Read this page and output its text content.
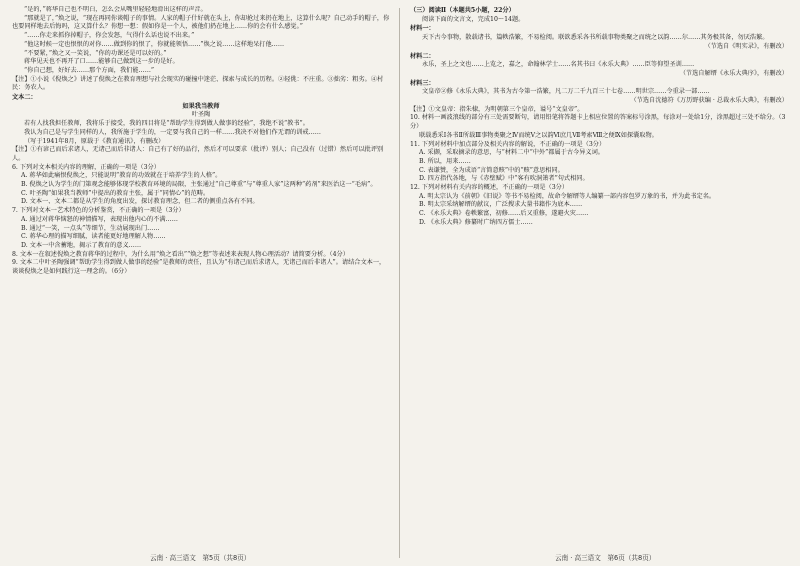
“是的，”蒋华自己也不明白，怎么会从嘴里轻轻地滑出这样的声音。

“那就是了，”焕之说，“现在再同你谈帽子的事情。人家的帽子什好就在头上，你却抢过来扔在地上，这算什么呢？自己动手的帽子，你也要同样地去后悔吗，这又算什么？你想一想：假如你是一个人，被他们扔在地上……你的会有什么感觉。”

“……你走来抓你掉帽子，你会发怒，气得什么话也说不出来。”

“他这时候一定也恨恨的对你……做到你的恨了，你就能领悟……”焕之说……这样地呆打他……

“不要紧，”焕之又一笑说，“你的功课还是可以好的。”

蒋华见天也不再开了口……能够自己做到这一步的是好。

“你自己想，好好去……那个方面，我们能……”

【注】①小说《倪焕之》讲述了倪焕之在教育理想与社会现实的碰撞中迷茫、探索与成长的历程。②轻佻：不庄重。③拙劣：粗劣。④村民：务农人。

文本二：

如果我当教师

叶圣陶

若有人找我担任教师，我将乐于接受，我的四目将是“帮助学生得到做人做事的经验”，我绝不说“教书”。

我认为自己是与学生同样的人，我所施于学生的，一定要与我自己的一样……我决不对他们作无谓的训戒……

（写于1941年8月，原载于《教育通讯》，有删改）

【注】①有谚己而后求诸人，无诸己而后非诸人：自己有了好的品行，然后才可以要求（批评）别人；自己没有（过错）然后可以批评别人。

6. 下列对文本相关内容的理解，正确的一项是（3分）

A. 蒋华如此痛恨倪焕之，只能说明“教育的功效就在于培养学生的人格”。

B. 倪焕之认为学生的门第观念能够体现学校教育环境的局限，主张通过“自己尊重”与“尊重人家”这两种“药剂”来医治这一“毛病”。

C. 叶圣陶“如果我当教师”中提出的教育主张，属于“同情心”的范畴。

D. 文本一、文本二都是从学生的角度出发，探讨教育理念，但二者的侧重点各有不同。

7. 下列对文本一艺术特色的分析鉴赏，不正确的一项是（3分）

A. 通过对蒋华恼怒的神情描写，表现出他内心的不满……

B. 通过“一笑，一点头”等细节，生动展现出门……

C. 蒋华心理的描写细腻，读者能更好地理解人物……

D. 文本一中含蓄地，揭示了教育的意义……

8. 文本一在叙述倪焕之教育蒋华的过程中，为什么用“焕之看出”“焕之想”等表述来表现人物心理活动？请简要分析。（4分）

9. 文本二中叶圣陶强调“帮助学生得到做人做事的经验”是教师的责任，且认为“有诸己而后求诸人，无诸己而后非诸人”。请结合文本一，谈谈倪焕之是如何践行这一理念的。（6分）

（三）阅读Ⅱ（本题共5小题，22分）

阅读下面的文言文，完成10～14题。

材料一：

天下古今事物，散载诸书，篇帙浩繁，不易检阅。联欲悉采各书所载事物类聚之而统之以韵……尔……其务极其备，勿厌浩繁。

（节选自《明实录》，有删改）

材料二：

永乐，圣上之文也……上览之，嘉之，命翰林学士……名其书曰《永乐大典》……臣等仰望圣训……

（节选自解缙《永乐大典序》，有删改）

材料三：

文皇帝②修《永乐大典》，其书为古今第一浩繁，凡二万二千九百三十七卷……明世宗……令重录一部……

（节选自沈德符《万历野获编 · 总裁永乐大典》，有删改）

【注】①文皇帝：指朱棣，为明朝第三个皇帝，谥号“文皇帝”。

10. 材料一画波浪线的部分有三处需要断句，请用铅笔将答题卡上相应位置的答案标号涂黑，每涂对一处给1分，涂黑超过三处不给分。（3分）

联载悉采Ⅰ各书Ⅱ所载Ⅲ事物类聚之Ⅳ而统Ⅴ之以韵Ⅵ庶几Ⅶ考索Ⅷ之便Ⅸ如探囊取物。

11. 下列对材料中加点部分及相关内容的解说，不正确的一项是（3分）

A. 采撷，采取摘录的意思，与“材料二中“中外”都属于古今异义词。

B. 所以，用来……

C. 表谦赞，全为成语“言简意赅”中的“赅”意思相同。

D. 四方指代各地，与《赤壁赋》中“客有吹洞箫者”句式相同。

12. 下列对材料有关内容的概述，不正确的一项是（3分）

A. 明太宗认为《前朝》《旧说》等书不易检阅，故命令解缙等人编纂一部内容包罗万象的书，并为此书定名。

B. 明太宗采纳解缙的献议，广泛搜求大量书籍作为底本……

C. 《永乐大典》卷帙繁富，初修……后又重修，遂避火灾……

D. 《永乐大典》修纂时广纳四方儒士……

云南 · 高三语文　第5页（共8页）	云南 · 高三语文　第6页（共8页）
